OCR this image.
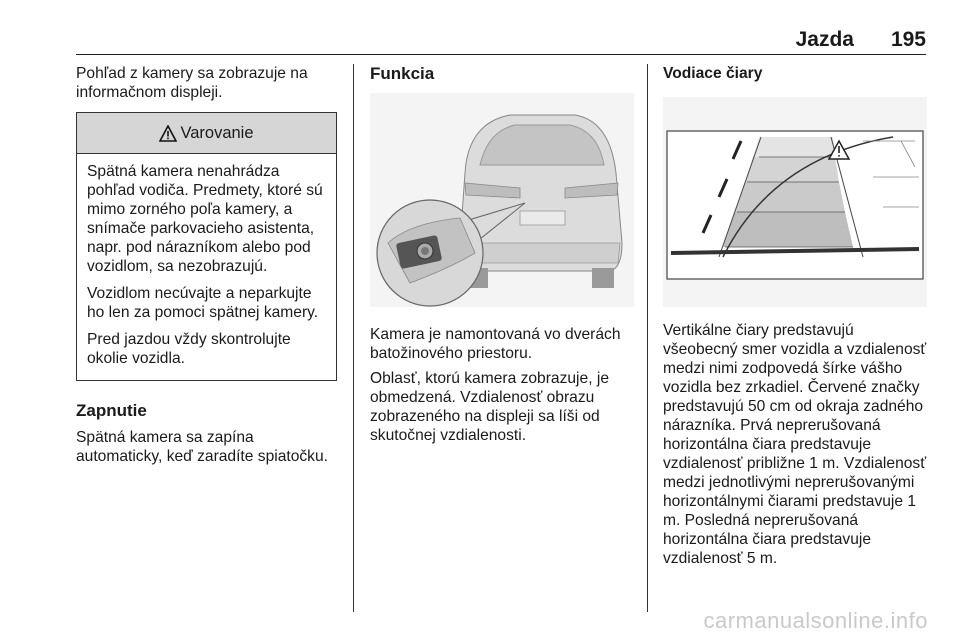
Jazda 195

Pohľad z kamery sa zobrazuje na informačnom displeji.

Varovanie

Spätná kamera nenahrádza pohľad vodiča. Predmety, ktoré sú mimo zorného poľa kamery, a snímače parkovacieho asistenta, napr. pod nárazníkom alebo pod vozidlom, sa nezobrazujú.

Vozidlom necúvajte a neparkujte ho len za pomoci spätnej kamery.

Pred jazdou vždy skontrolujte okolie vozidla.

Zapnutie

Spätná kamera sa zapína automaticky, keď zaradíte spiatočku.

Funkcia

Kamera je namontovaná vo dverách batožinového priestoru.

Oblasť, ktorú kamera zobrazuje, je obmedzená. Vzdialenosť obrazu zobrazeného na displeji sa líši od skutočnej vzdialenosti.

Vodiace čiary

Vertikálne čiary predstavujú všeobecný smer vozidla a vzdialenosť medzi nimi zodpovedá šírke vášho vozidla bez zrkadiel. Červené značky predstavujú 50 cm od okraja zadného nárazníka. Prvá neprerušovaná horizontálna čiara predstavuje vzdialenosť približne 1 m. Vzdialenosť medzi jednotlivými neprerušovanými horizontálnymi čiarami predstavuje 1 m. Posledná neprerušovaná horizontálna čiara predstavuje vzdialenosť 5 m.

carmanualsonline.info
